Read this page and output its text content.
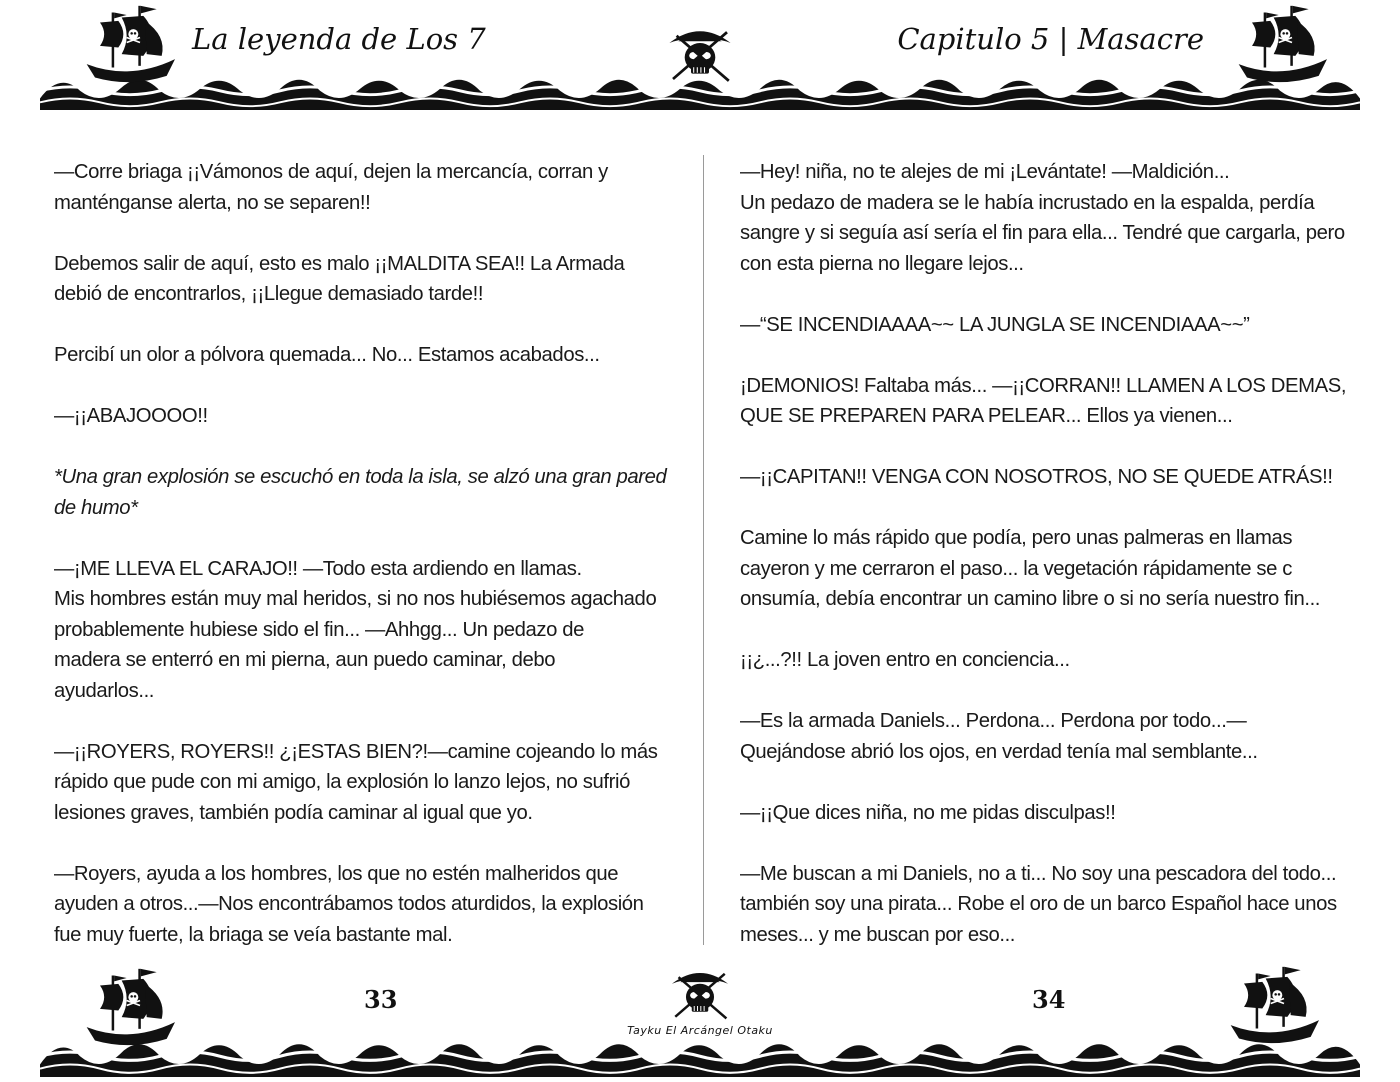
La leyenda de Los 7	Capitulo 5 | Masacre

—Corre briaga ¡¡Vámonos de aquí, dejen la mercancía, corran y
manténganse alerta, no se separen!!

Debemos salir de aquí, esto es malo ¡¡MALDITA SEA!! La Armada
debió de encontrarlos, ¡¡Llegue demasiado tarde!!

Percibí un olor a pólvora quemada... No... Estamos acabados...

—¡¡ABAJOOOO!!

*Una gran explosión se escuchó en toda la isla, se alzó una gran pared
de humo*

—¡ME LLEVA EL CARAJO!! —Todo esta ardiendo en llamas.
Mis hombres están muy mal heridos, si no nos hubiésemos agachado
probablemente hubiese sido el fin... —Ahhgg... Un pedazo de
madera se enterró en mi pierna, aun puedo caminar, debo
ayudarlos...

—¡¡ROYERS, ROYERS!! ¿¡ESTAS BIEN?!—camine cojeando lo más
rápido que pude con mi amigo, la explosión lo lanzo lejos, no sufrió
lesiones graves, también podía caminar al igual que yo.

—Royers, ayuda a los hombres, los que no estén malheridos que
ayuden a otros...—Nos encontrábamos todos aturdidos, la explosión
fue muy fuerte, la briaga se veía bastante mal.

—Hey! niña, no te alejes de mi ¡Levántate! —Maldición...
Un pedazo de madera se le había incrustado en la espalda, perdía
sangre y si seguía así sería el fin para ella... Tendré que cargarla, pero
con esta pierna no llegare lejos...

—“SE INCENDIAAAA~~ LA JUNGLA SE INCENDIAAA~~”

¡DEMONIOS! Faltaba más... —¡¡CORRAN!! LLAMEN A LOS DEMAS,
QUE SE PREPAREN PARA PELEAR... Ellos ya vienen...

—¡¡CAPITAN!! VENGA CON NOSOTROS, NO SE QUEDE ATRÁS!!

Camine lo más rápido que podía, pero unas palmeras en llamas
cayeron y me cerraron el paso... la vegetación rápidamente se c
onsumía, debía encontrar un camino libre o si no sería nuestro fin...

¡¡¿...?!! La joven entro en conciencia...

—Es la armada Daniels... Perdona... Perdona por todo...—
Quejándose abrió los ojos, en verdad tenía mal semblante...

—¡¡Que dices niña, no me pidas disculpas!!

—Me buscan a mi Daniels, no a ti... No soy una pescadora del todo...
también soy una pirata... Robe el oro de un barco Español hace unos
meses... y me buscan por eso...

33	34
Tayku El Arcángel Otaku
